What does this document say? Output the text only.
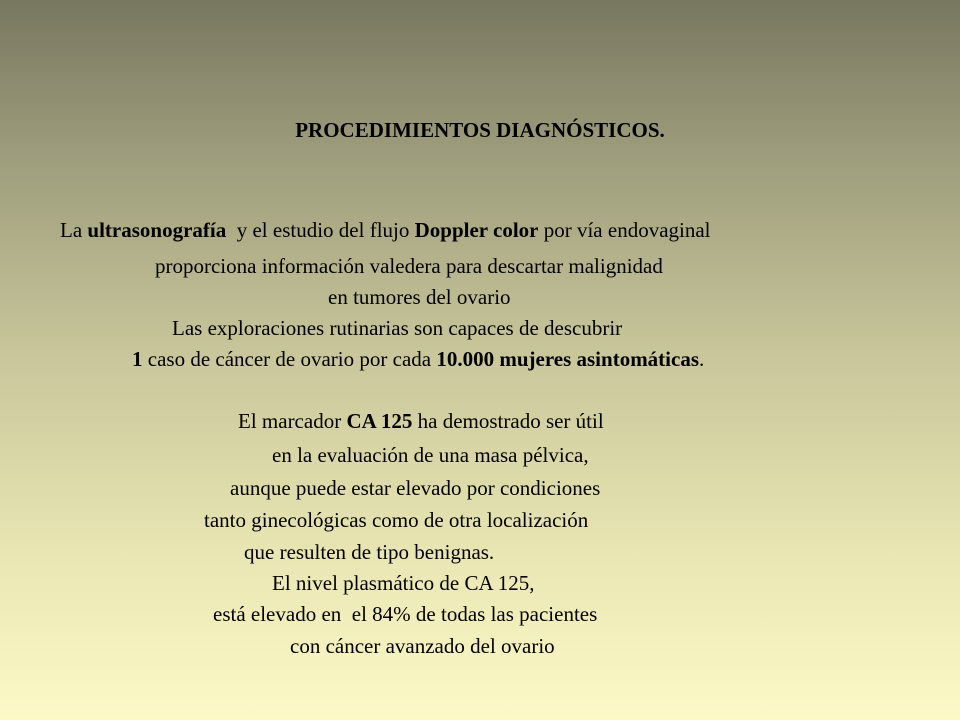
PROCEDIMIENTOS DIAGNÓSTICOS.
La ultrasonografía  y el estudio del flujo Doppler color por vía endovaginal
proporciona información valedera para descartar malignidad
en tumores del ovario
Las exploraciones rutinarias son capaces de descubrir
1 caso de cáncer de ovario por cada 10.000 mujeres asintomáticas.
El marcador CA 125 ha demostrado ser útil
en la evaluación de una masa pélvica,
aunque puede estar elevado por condiciones
tanto ginecológicas como de otra localización
que resulten de tipo benignas.
El nivel plasmático de CA 125,
está elevado en  el 84% de todas las pacientes
con cáncer avanzado del ovario
